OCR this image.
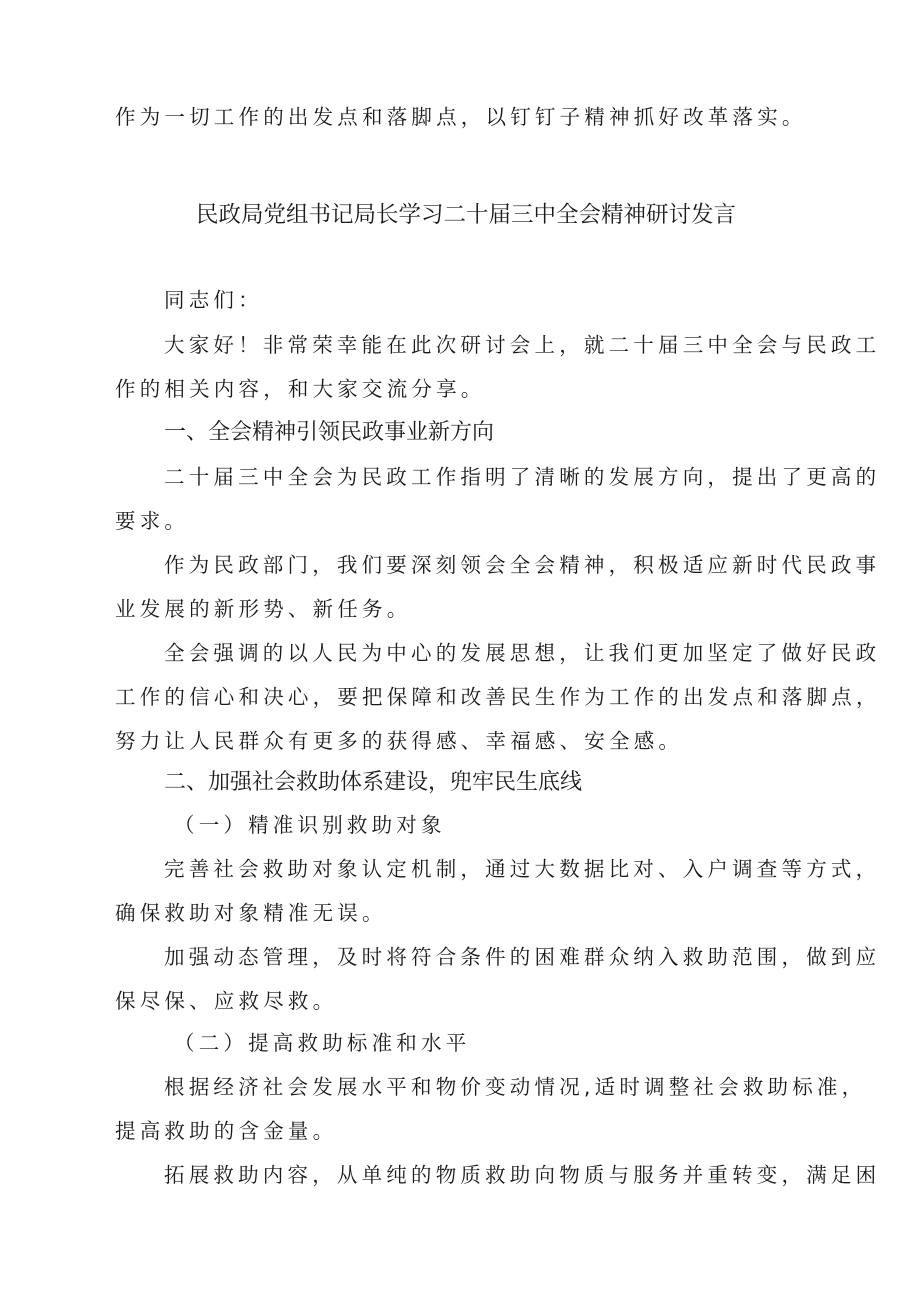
作为一切工作的出发点和落脚点，以钉钉子精神抓好改革落实。

民政局党组书记局长学习二十届三中全会精神研讨发言

同志们：

大家好！非常荣幸能在此次研讨会上，就二十届三中全会与民政工

作的相关内容，和大家交流分享。

一、全会精神引领民政事业新方向

二十届三中全会为民政工作指明了清晰的发展方向，提出了更高的

要求。

作为民政部门，我们要深刻领会全会精神，积极适应新时代民政事

业发展的新形势、新任务。

全会强调的以人民为中心的发展思想，让我们更加坚定了做好民政

工作的信心和决心，要把保障和改善民生作为工作的出发点和落脚点，

努力让人民群众有更多的获得感、幸福感、安全感。

二、加强社会救助体系建设，兜牢民生底线

（一）精准识别救助对象

完善社会救助对象认定机制，通过大数据比对、入户调查等方式，

确保救助对象精准无误。

加强动态管理，及时将符合条件的困难群众纳入救助范围，做到应

保尽保、应救尽救。

（二）提高救助标准和水平

根据经济社会发展水平和物价变动情况,适时调整社会救助标准，

提高救助的含金量。

拓展救助内容，从单纯的物质救助向物质与服务并重转变，满足困
